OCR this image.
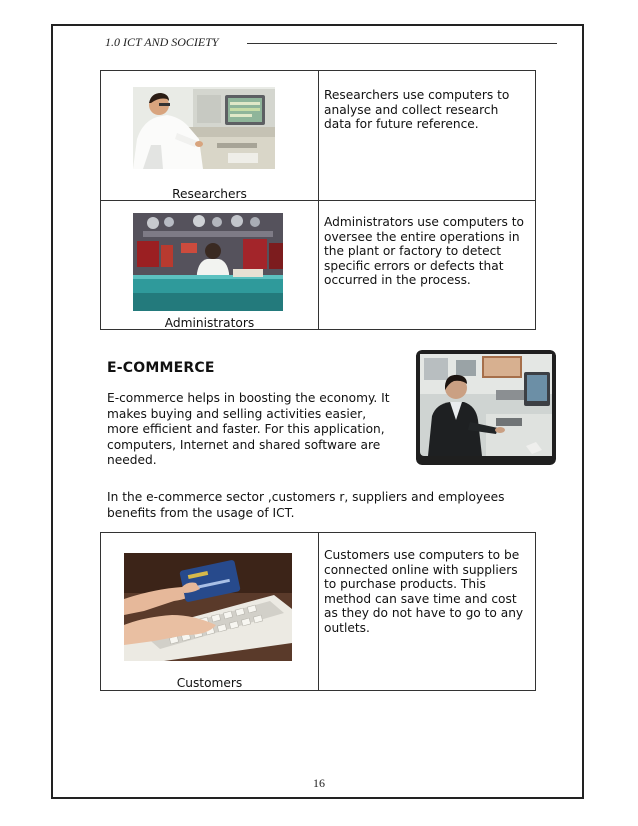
1.0 ICT AND SOCIETY
Researchers
Researchers use computers to analyse and collect research data for future reference.
Administrators
Administrators use computers to oversee the entire operations in the plant or factory to detect specific errors or defects that occurred in the process.
E-COMMERCE
E-commerce helps in boosting the economy. It makes buying and selling activities easier, more efficient and faster. For this application, computers, Internet and shared software are needed.
In the e-commerce sector ,customers r, suppliers and employees benefits from the usage of ICT.
Customers
Customers use computers to be connected online with suppliers to purchase products. This method can save time and cost as they do not have to go to any outlets.
16
